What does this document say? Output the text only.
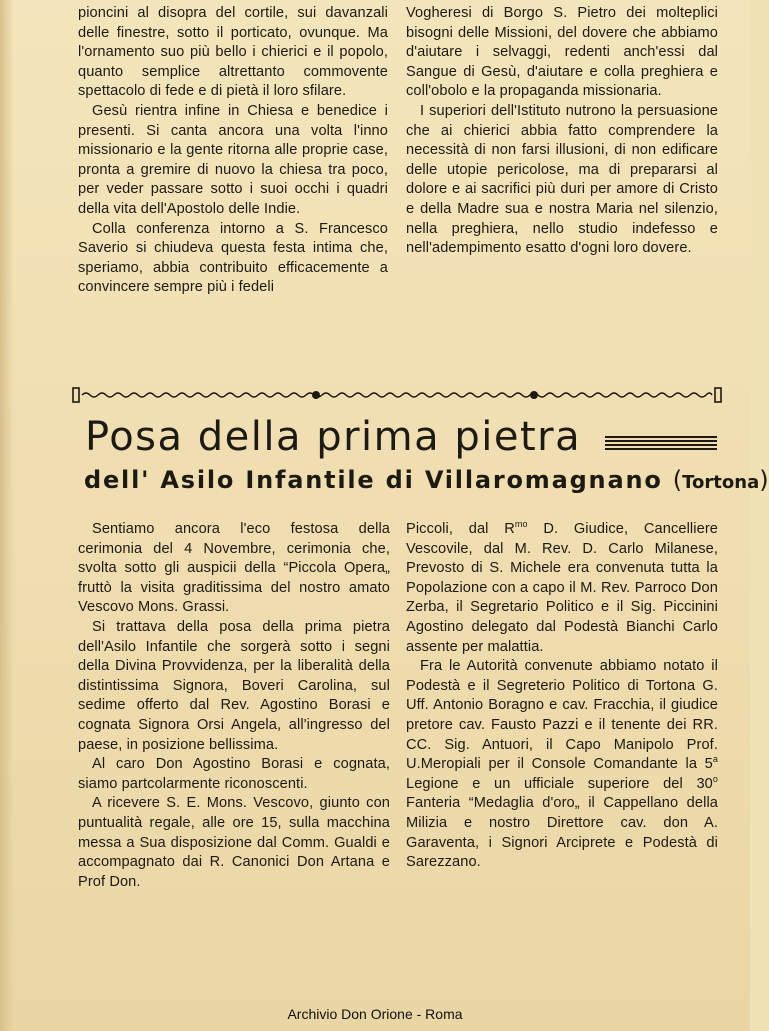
pioncini al disopra del cortile, sui davanzali delle finestre, sotto il porticato, ovunque. Ma l'ornamento suo più bello i chierici e il popolo, quanto semplice altrettanto commovente spettacolo di fede e di pietà il loro sfilare.

Gesù rientra infine in Chiesa e benedice i presenti. Si canta ancora una volta l'inno missionario e la gente ritorna alle proprie case, pronta a gremire di nuovo la chiesa tra poco, per veder passare sotto i suoi occhi i quadri della vita dell'Apostolo delle Indie.

Colla conferenza intorno a S. Francesco Saverio si chiudeva questa festa intima che, speriamo, abbia contribuito efficacemente a convincere sempre più i fedeli

Vogheresi di Borgo S. Pietro dei molteplici bisogni delle Missioni, del dovere che abbiamo d'aiutare i selvaggi, redenti anch'essi dal Sangue di Gesù, d'aiutare e colla preghiera e coll'obolo e la propaganda missionaria.

I superiori dell'Istituto nutrono la persuasione che ai chierici abbia fatto comprendere la necessità di non farsi illusioni, di non edificare delle utopie pericolose, ma di prepararsi al dolore e ai sacrifici più duri per amore di Cristo e della Madre sua e nostra Maria nel silenzio, nella preghiera, nello studio indefesso e nell'adempimento esatto d'ogni loro dovere.

Posa della prima pietra
dell' Asilo Infantile di Villaromagnano (Tortona)

Sentiamo ancora l'eco festosa della cerimonia del 4 Novembre, cerimonia che, svolta sotto gli auspicii della “Piccola Opera„ fruttò la visita graditissima del nostro amato Vescovo Mons. Grassi.

Si trattava della posa della prima pietra dell'Asilo Infantile che sorgerà sotto i segni della Divina Provvidenza, per la liberalità della distintissima Signora, Boveri Carolina, sul sedime offerto dal Rev. Agostino Borasi e cognata Signora Orsi Angela, all'ingresso del paese, in posizione bellissima.

Al caro Don Agostino Borasi e cognata, siamo partcolarmente riconoscenti.

A ricevere S. E. Mons. Vescovo, giunto con puntualità regale, alle ore 15, sulla macchina messa a Sua disposizione dal Comm. Gualdi e accompagnato dai R. Canonici Don Artana e Prof Don.

Piccoli, dal $R^{mo}$ D. Giudice, Cancelliere Vescovile, dal M. Rev. D. Carlo Milanese, Prevosto di S. Michele era convenuta tutta la Popolazione con a capo il M. Rev. Parroco Don Zerba, il Segretario Politico e il Sig. Piccinini Agostino delegato dal Podestà Bianchi Carlo assente per malattia.

Fra le Autorità convenute abbiamo notato il Podestà e il Segreterio Politico di Tortona G. Uff. Antonio Boragno e cav. Fracchia, il giudice pretore cav. Fausto Pazzi e il tenente dei RR. CC. Sig. Antuori, il Capo Manipolo Prof. U.Meropiali per il Console Comandante la 5$^a$ Legione e un ufficiale superiore del 30$^o$ Fanteria “Medaglia d'oro„ il Cappellano della Milizia e nostro Direttore cav. don A. Garaventa, i Signori Arciprete e Podestà di Sarezzano.

Archivio Don Orione - Roma
